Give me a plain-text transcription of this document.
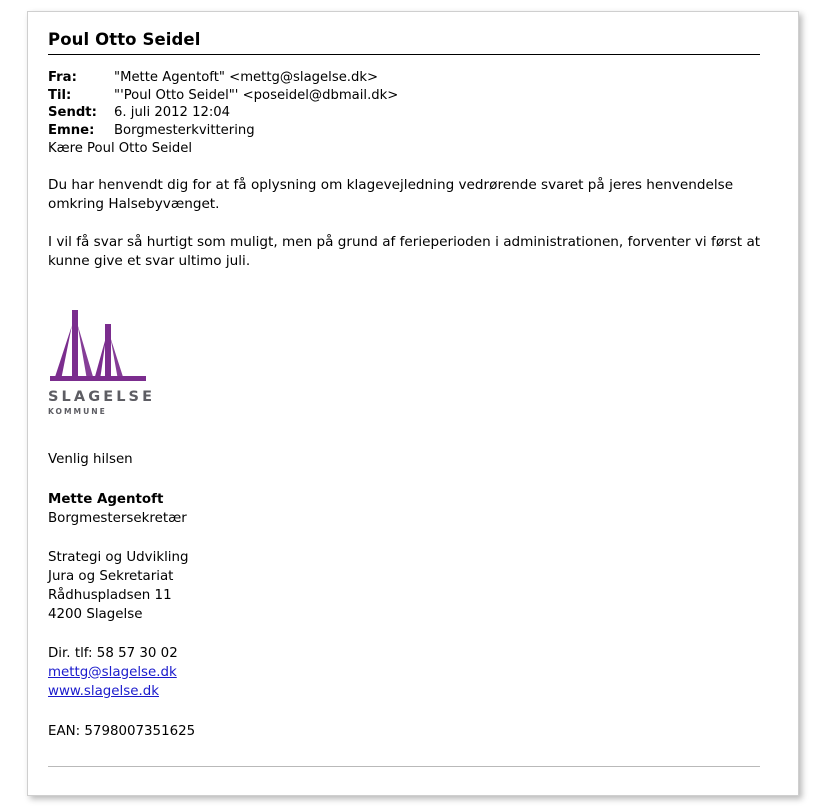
Poul Otto Seidel
Fra:	"Mette Agentoft" <mettg@slagelse.dk>
Til:	"'Poul Otto Seidel"' <poseidel@dbmail.dk>
Sendt:	6. juli 2012 12:04
Emne:	Borgmesterkvittering
Kære Poul Otto Seidel

Du har henvendt dig for at få oplysning om klagevejledning vedrørende svaret på jeres henvendelse omkring Halsebyvænget.

I vil få svar så hurtigt som muligt, men på grund af ferieperioden i administrationen, forventer vi først at kunne give et svar ultimo juli.

SLAGELSE
KOMMUNE
Venlig hilsen
Mette Agentoft
Borgmestersekretær
Strategi og Udvikling
Jura og Sekretariat
Rådhuspladsen 11
4200 Slagelse
Dir. tlf: 58 57 30 02
mettg@slagelse.dk
www.slagelse.dk
EAN: 5798007351625
